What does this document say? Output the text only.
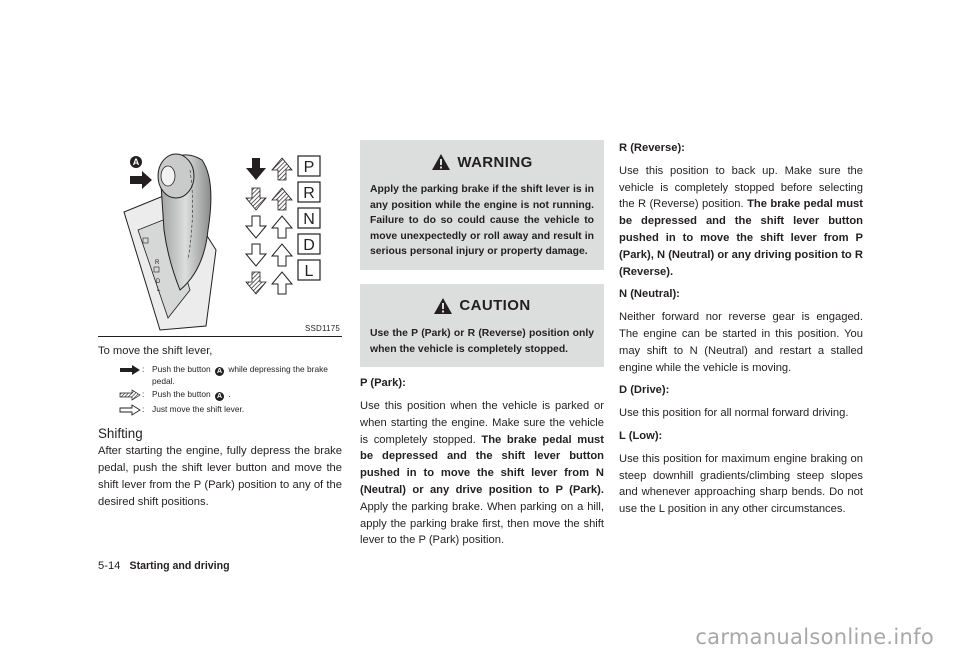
R
D
L
A	P
R
N
D
L
SSD1175

To move the shift lever,

: Push the button A while depressing the brake pedal.
: Push the button A .
: Just move the shift lever.
Shifting

After starting the engine, fully depress the brake pedal, push the shift lever button and move the shift lever from the P (Park) position to any of the desired shift positions.

WARNING
Apply the parking brake if the shift lever is in any position while the engine is not running. Failure to do so could cause the vehicle to move unexpectedly or roll away and result in serious personal injury or property damage.
CAUTION
Use the P (Park) or R (Reverse) position only when the vehicle is completely stopped.

P (Park):

Use this position when the vehicle is parked or when starting the engine. Make sure the vehicle is completely stopped. The brake pedal must be depressed and the shift lever button pushed in to move the shift lever from N (Neutral) or any drive position to P (Park). Apply the parking brake. When parking on a hill, apply the parking brake first, then move the shift lever to the P (Park) position.

R (Reverse):

Use this position to back up. Make sure the vehicle is completely stopped before selecting the R (Reverse) position. The brake pedal must be depressed and the shift lever button pushed in to move the shift lever from P (Park), N (Neutral) or any driving position to R (Reverse).

N (Neutral):

Neither forward nor reverse gear is engaged. The engine can be started in this position. You may shift to N (Neutral) and restart a stalled engine while the vehicle is moving.

D (Drive):

Use this position for all normal forward driving.

L (Low):

Use this position for maximum engine braking on steep downhill gradients/climbing steep slopes and whenever approaching sharp bends. Do not use the L position in any other circumstances.

5-14 Starting and driving
carmanualsonline.info
